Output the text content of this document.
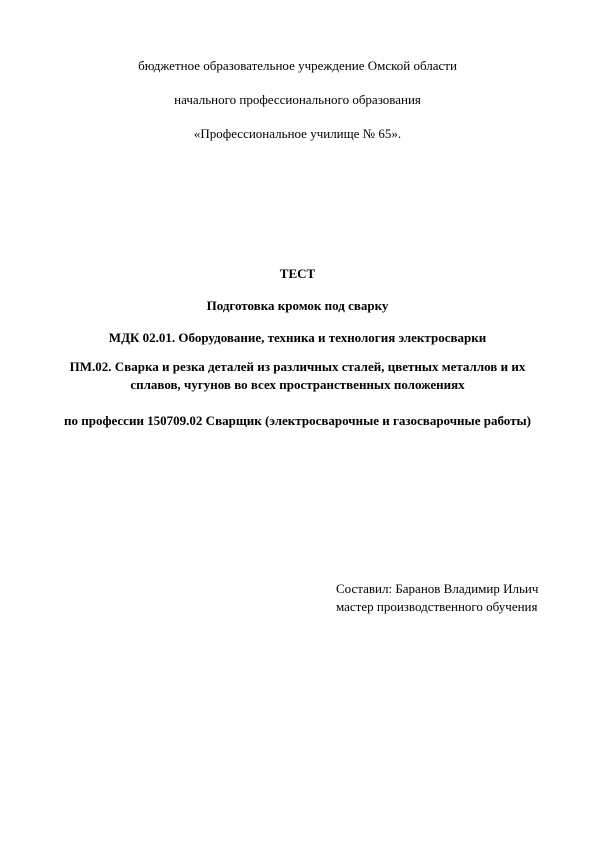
бюджетное образовательное учреждение Омской области
начального профессионального образования
«Профессиональное училище № 65».
ТЕСТ
Подготовка кромок под сварку
МДК 02.01. Оборудование, техника и технология электросварки
ПМ.02. Сварка и резка деталей из различных сталей, цветных металлов и их сплавов, чугунов во всех пространственных положениях
по профессии 150709.02 Сварщик (электросварочные и газосварочные работы)
Составил: Баранов Владимир Ильич
мастер производственного обучения
